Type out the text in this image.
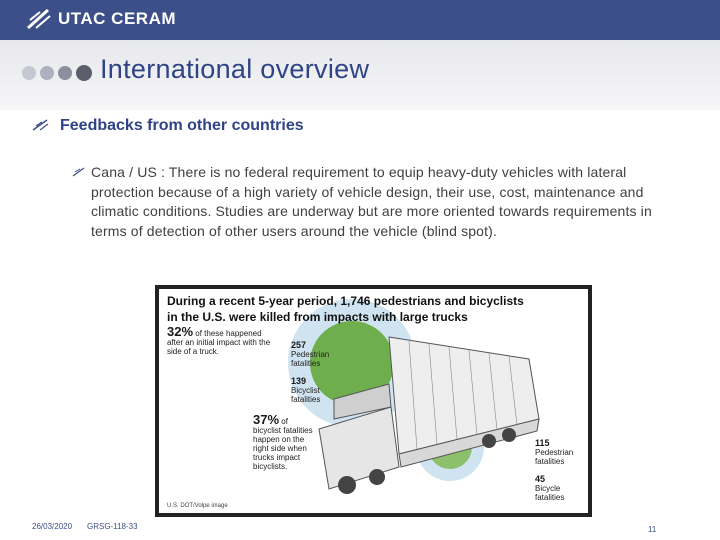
UTAC CERAM
International overview
Feedbacks from other countries
Cana / US : There is no federal requirement to equip heavy-duty vehicles with lateral protection because of a high variety of vehicle design, their use, cost, maintenance and climatic conditions. Studies are underway but are more oriented towards requirements in terms of detection of other users around the vehicle (blind spot).
During a recent 5-year period, 1,746 pedestrians and bicyclists
in the U.S. were killed from impacts with large trucks
32% of these happened
after an initial impact with the
side of a truck.
257
Pedestrian
fatalities
139
Bicyclist
fatalities
37% of
bicyclist fatalities
happen on the
right side when
trucks impact
bicyclists.
115
Pedestrian
fatalities
45
Bicycle
fatalities
U.S. DOT/Volpe image
26/03/2020 GRSG-118-33	11
